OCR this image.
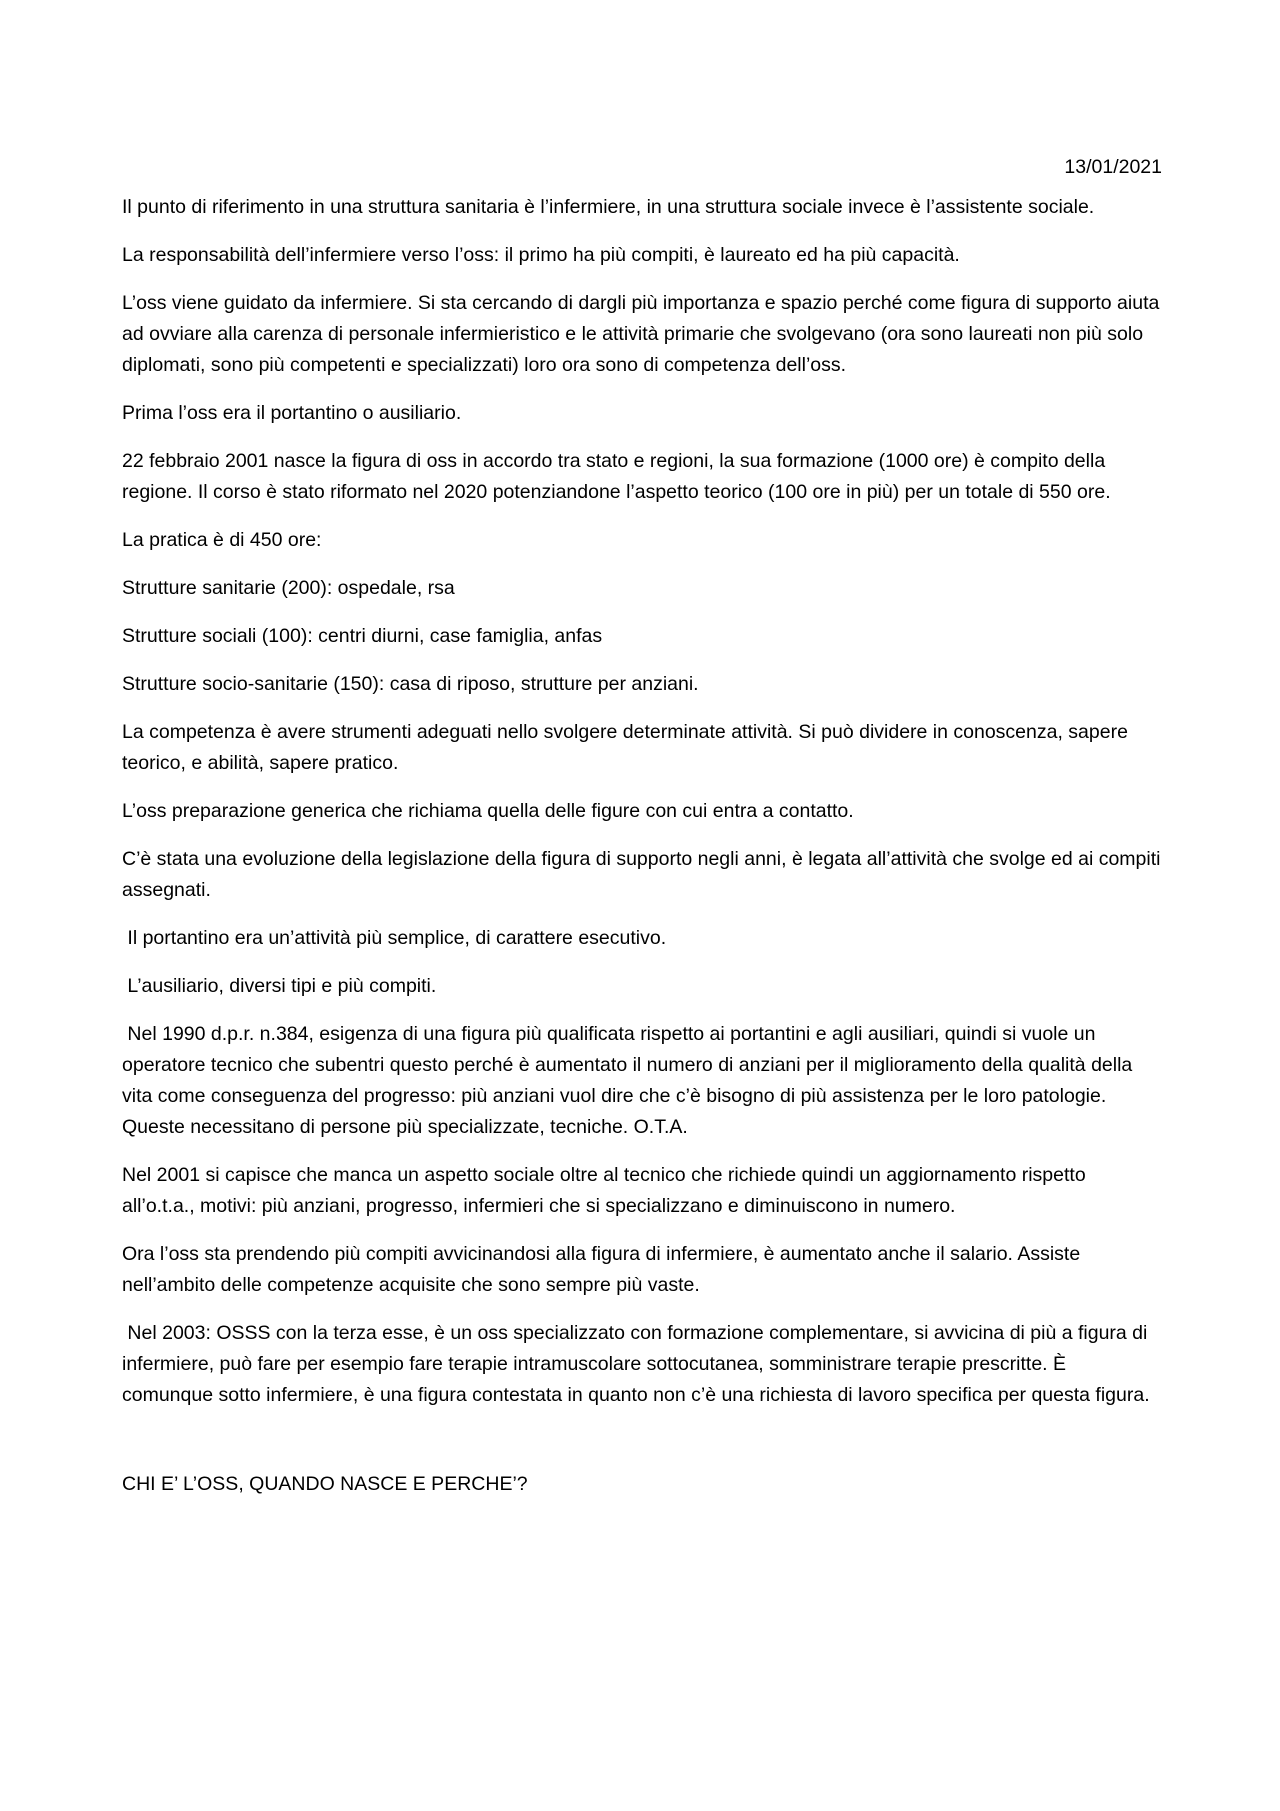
13/01/2021

Il punto di riferimento in una struttura sanitaria è l’infermiere, in una struttura sociale invece è l’assistente sociale.

La responsabilità dell’infermiere verso l’oss: il primo ha più compiti, è laureato ed ha più capacità.

L’oss viene guidato da infermiere. Si sta cercando di dargli più importanza e spazio perché come figura di supporto aiuta ad ovviare alla carenza di personale infermieristico e le attività primarie che svolgevano (ora sono laureati non più solo diplomati, sono più competenti e specializzati) loro ora sono di competenza dell’oss.

Prima l’oss era il portantino o ausiliario.

22 febbraio 2001 nasce la figura di oss in accordo tra stato e regioni, la sua formazione (1000 ore) è compito della regione. Il corso è stato riformato nel 2020 potenziandone l’aspetto teorico (100 ore in più) per un totale di 550 ore.

La pratica è di 450 ore:

Strutture sanitarie (200): ospedale, rsa

Strutture sociali (100): centri diurni, case famiglia, anfas

Strutture socio-sanitarie (150): casa di riposo, strutture per anziani.

La competenza è avere strumenti adeguati nello svolgere determinate attività. Si può dividere in conoscenza, sapere teorico, e abilità, sapere pratico.

L’oss preparazione generica che richiama quella delle figure con cui entra a contatto.

C’è stata una evoluzione della legislazione della figura di supporto negli anni, è legata all’attività che svolge ed ai compiti assegnati.

Il portantino era un’attività più semplice, di carattere esecutivo.

L’ausiliario, diversi tipi e più compiti.

Nel 1990 d.p.r. n.384, esigenza di una figura più qualificata rispetto ai portantini e agli ausiliari, quindi si vuole un operatore tecnico che subentri questo perché è aumentato il numero di anziani per il miglioramento della qualità della vita come conseguenza del progresso: più anziani vuol dire che c’è bisogno di più assistenza per le loro patologie. Queste necessitano di persone più specializzate, tecniche. O.T.A.

Nel 2001 si capisce che manca un aspetto sociale oltre al tecnico che richiede quindi un aggiornamento rispetto all’o.t.a., motivi: più anziani, progresso, infermieri che si specializzano e diminuiscono in numero.

Ora l’oss sta prendendo più compiti avvicinandosi alla figura di infermiere, è aumentato anche il salario. Assiste nell’ambito delle competenze acquisite che sono sempre più vaste.

Nel 2003: OSSS con la terza esse, è un oss specializzato con formazione complementare, si avvicina di più a figura di infermiere, può fare per esempio fare terapie intramuscolare sottocutanea, somministrare terapie prescritte. È comunque sotto infermiere, è una figura contestata in quanto non c’è una richiesta di lavoro specifica per questa figura.

CHI E’ L’OSS, QUANDO NASCE E PERCHE’?
